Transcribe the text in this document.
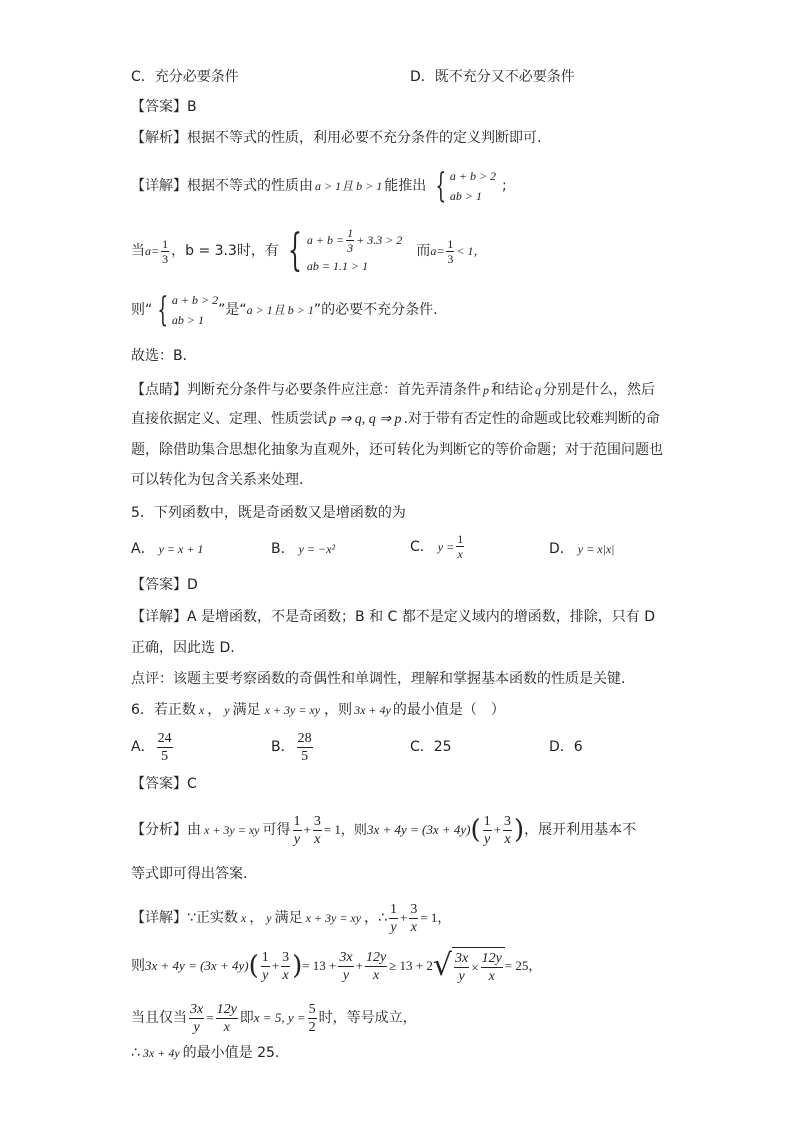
C．充分必要条件	D．既不充分又不必要条件
【答案】B
【解析】根据不等式的性质，利用必要不充分条件的定义判断即可.
【详解】 根据不等式的性质由 a > 1且 b > 1 能推出 { a + b > 2
ab > 1
;
当 $a= \frac{1}{3}$ ，b = 3.3时，有 { $a + b = \frac{1}{3} + 3.3 > 2$
ab = 1.1 > 1
而 $a= \frac{1}{3} < 1$，
则“ { a + b > 2
ab > 1
”是“ a > 1且 b > 1 ”的必要不充分条件.
故选：B．
【点睛】判断充分条件与必要条件应注意：首先弄清条件 p 和结论 q 分别是什么，然后
直接依据定义、定理、性质尝试 p ⇒ q, q ⇒ p .对于带有否定性的命题或比较难判断的命
题，除借助集合思想化抽象为直观外，还可转化为判断它的等价命题；对于范围问题也
可以转化为包含关系来处理．
5．下列函数中，既是奇函数又是增函数的为
A． y = x + 1	B． y = −x²	C． $y = \frac{1}{x}$	D． y = x|x|
【答案】D
【详解】A 是增函数，不是奇函数；B 和 C 都不是定义域内的增函数，排除，只有 D
正确，因此选 D.
点评：该题主要考察函数的奇偶性和单调性，理解和掌握基本函数的性质是关键.
6．若正数 x ， y 满足 x + 3y = xy ，则 3x + 4y 的最小值是（　）
A． $\frac{24}{5}$	B． $\frac{28}{5}$	C．25	D．6
【答案】C
【分析】 由 x + 3y = xy 可得 $\frac{1}{y} + \frac{3}{x} = 1$，则 3x + 4y = (3x + 4y) ( $\frac{1}{y} + \frac{3}{x}$ ) ，展开利用基本不
等式即可得出答案.
【详解】 ∵正实数 x ， y 满足 x + 3y = xy ，∴ $\frac{1}{y} + \frac{3}{x} = 1$，
则 3x + 4y = (3x + 4y) ( $\frac{1}{y} + \frac{3}{x}$ ) = $13 + \frac{3x}{y} + \frac{12y}{x} \ge 13 + 2$ √ $\frac{3x}{y} \times \frac{12y}{x} = 25$，
当且仅当 $\frac{3x}{y} = \frac{12y}{x}$ 即 x = 5, $y = \frac{5}{2}$ 时，等号成立，
∴ 3x + 4y 的最小值是 25.
